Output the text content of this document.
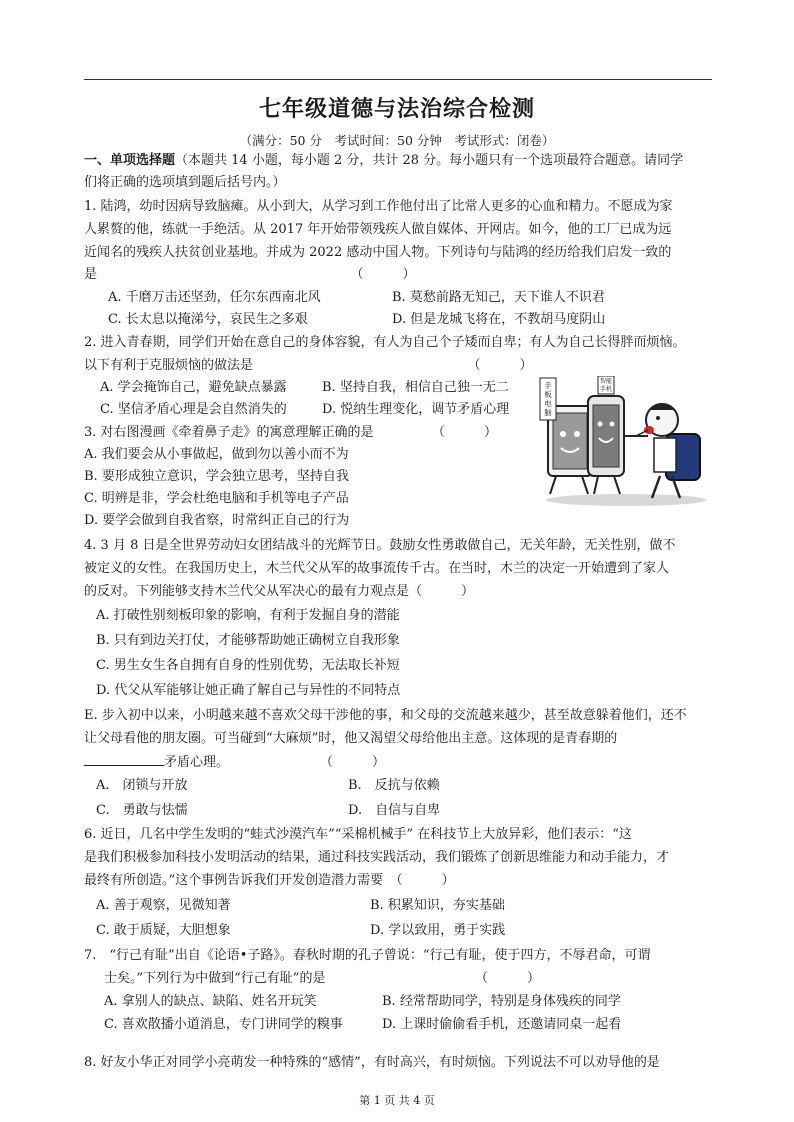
七年级道德与法治综合检测
（满分：50 分　考试时间：50 分钟　考试形式：闭卷）
一、单项选择题（本题共 14 小题，每小题 2 分，共计 28 分。每小题只有一个选项最符合题意。请同学
们将正确的选项填到题后括号内。）
1. 陆鸿，幼时因病导致脑瘫。从小到大，从学习到工作他付出了比常人更多的心血和精力。不愿成为家
人累赘的他，练就一手绝活。从 2017 年开始带领残疾人做自媒体、开网店。如今，他的工厂已成为远
近闻名的残疾人扶贫创业基地。并成为 2022 感动中国人物。下列诗句与陆鸿的经历给我们启发一致的
是　　　　　　　　　　　　　　　　　　　　（　　　）
A. 千磨万击还坚劲，任尔东西南北风	B. 莫愁前路无知己，天下谁人不识君
C. 长太息以掩涕兮，哀民生之多艰	D. 但是龙城飞将在，不教胡马度阴山
2. 进入青春期，同学们开始在意自己的身体容貌，有人为自己个子矮而自卑；有人为自己长得胖而烦恼。
以下有利于克服烦恼的做法是　　　　　　　　　　　　　　　　　（　　　）
A. 学会掩饰自己，避免缺点暴露	B. 坚持自我，相信自己独一无二
C. 坚信矛盾心理是会自然消失的	D. 悦纳生理变化，调节矛盾心理
3. 对右图漫画《牵着鼻子走》的寓意理解正确的是　　　　　（　　　）
A. 我们要会从小事做起，做到勿以善小而不为
B. 要形成独立意识，学会独立思考，坚持自我
C. 明辨是非，学会杜绝电脑和手机等电子产品
D. 要学会做到自我省察，时常纠正自己的行为
手板电脑
智能手机
4. 3 月 8 日是全世界劳动妇女团结战斗的光辉节日。鼓励女性勇敢做自己，无关年龄，无关性别，做不
被定义的女性。在我国历史上，木兰代父从军的故事流传千古。在当时，木兰的决定一开始遭到了家人
的反对。下列能够支持木兰代父从军决心的最有力观点是（　　　）
A. 打破性别刻板印象的影响，有利于发掘自身的潜能
B. 只有到边关打仗，才能够帮助她正确树立自我形象
C. 男生女生各自拥有自身的性别优势，无法取长补短
D. 代父从军能够让她正确了解自己与异性的不同特点
E. 步入初中以来，小明越来越不喜欢父母干涉他的事，和父母的交流越来越少，甚至故意躲着他们，还不
让父母看他的朋友圈。可当碰到“大麻烦”时，他又渴望父母给他出主意。这体现的是青春期的
矛盾心理。　　　　　　　　（　　　）
A.　闭锁与开放	B.　反抗与依赖
C.　勇敢与怯懦	D.　自信与自卑
6. 近日，几名中学生发明的“蛙式沙漠汽车”“采棉机械手” 在科技节上大放异彩，他们表示：“这
是我们积极参加科技小发明活动的结果，通过科技实践活动，我们锻炼了创新思维能力和动手能力，才
最终有所创造。”这个事例告诉我们开发创造潜力需要　（　　　）
A. 善于观察，见微知著	B. 积累知识，夯实基础
C. 敢于质疑，大胆想象	D. 学以致用，勇于实践
7.　“行己有耻”出自《论语•子路》。春秋时期的孔子曾说：“行己有耻，使于四方，不辱君命，可谓
士矣。”下列行为中做到“行己有耻”的是　　　　　　　　　　　　（　　　）
A. 拿别人的缺点、缺陷、姓名开玩笑	B. 经常帮助同学，特别是身体残疾的同学
C. 喜欢散播小道消息，专门讲同学的糗事	D. 上课时偷偷看手机，还邀请同桌一起看
8. 好友小华正对同学小亮萌发一种特殊的“感情”，有时高兴，有时烦恼。下列说法不可以劝导他的是
第 1 页 共 4 页
